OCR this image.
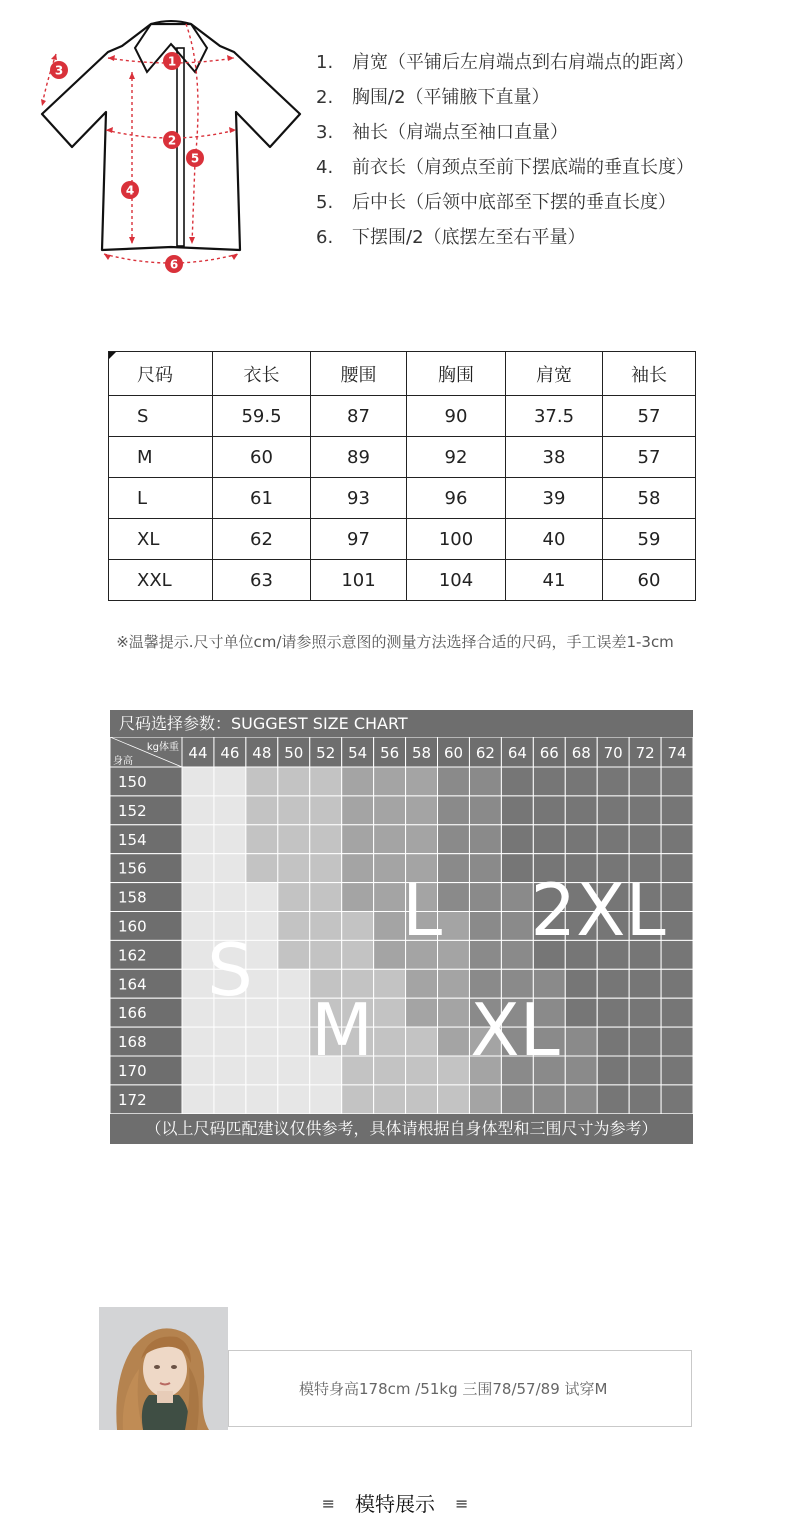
1
2
3
4
5
6
1. 肩宽（平铺后左肩端点到右肩端点的距离）
2. 胸围/2（平铺腋下直量）
3. 袖长（肩端点至袖口直量）
4. 前衣长（肩颈点至前下摆底端的垂直长度）
5. 后中长（后领中底部至下摆的垂直长度）
6. 下摆围/2（底摆左至右平量）
尺码	衣长	腰围	胸围	肩宽	袖长
S	59.5	87	90	37.5	57
M	60	89	92	38	57
L	61	93	96	39	58
XL	62	97	100	40	59
XXL	63	101	104	41	60
※温馨提示.尺寸单位cm/请参照示意图的测量方法选择合适的尺码，手工误差1-3cm
尺码选择参数：SUGGEST SIZE CHART
kg体重
身高	44 46 48 50 52 54 56 58 60 62 64 66 68 70 72 74
150
152
154
156
158
160
162
164
166
168
170
172
S
M
L
XL
2XL
（以上尺码匹配建议仅供参考，具体请根据自身体型和三围尺寸为参考）
模特身高178cm /51kg 三围78/57/89 试穿M
≡ 模特展示 ≡
